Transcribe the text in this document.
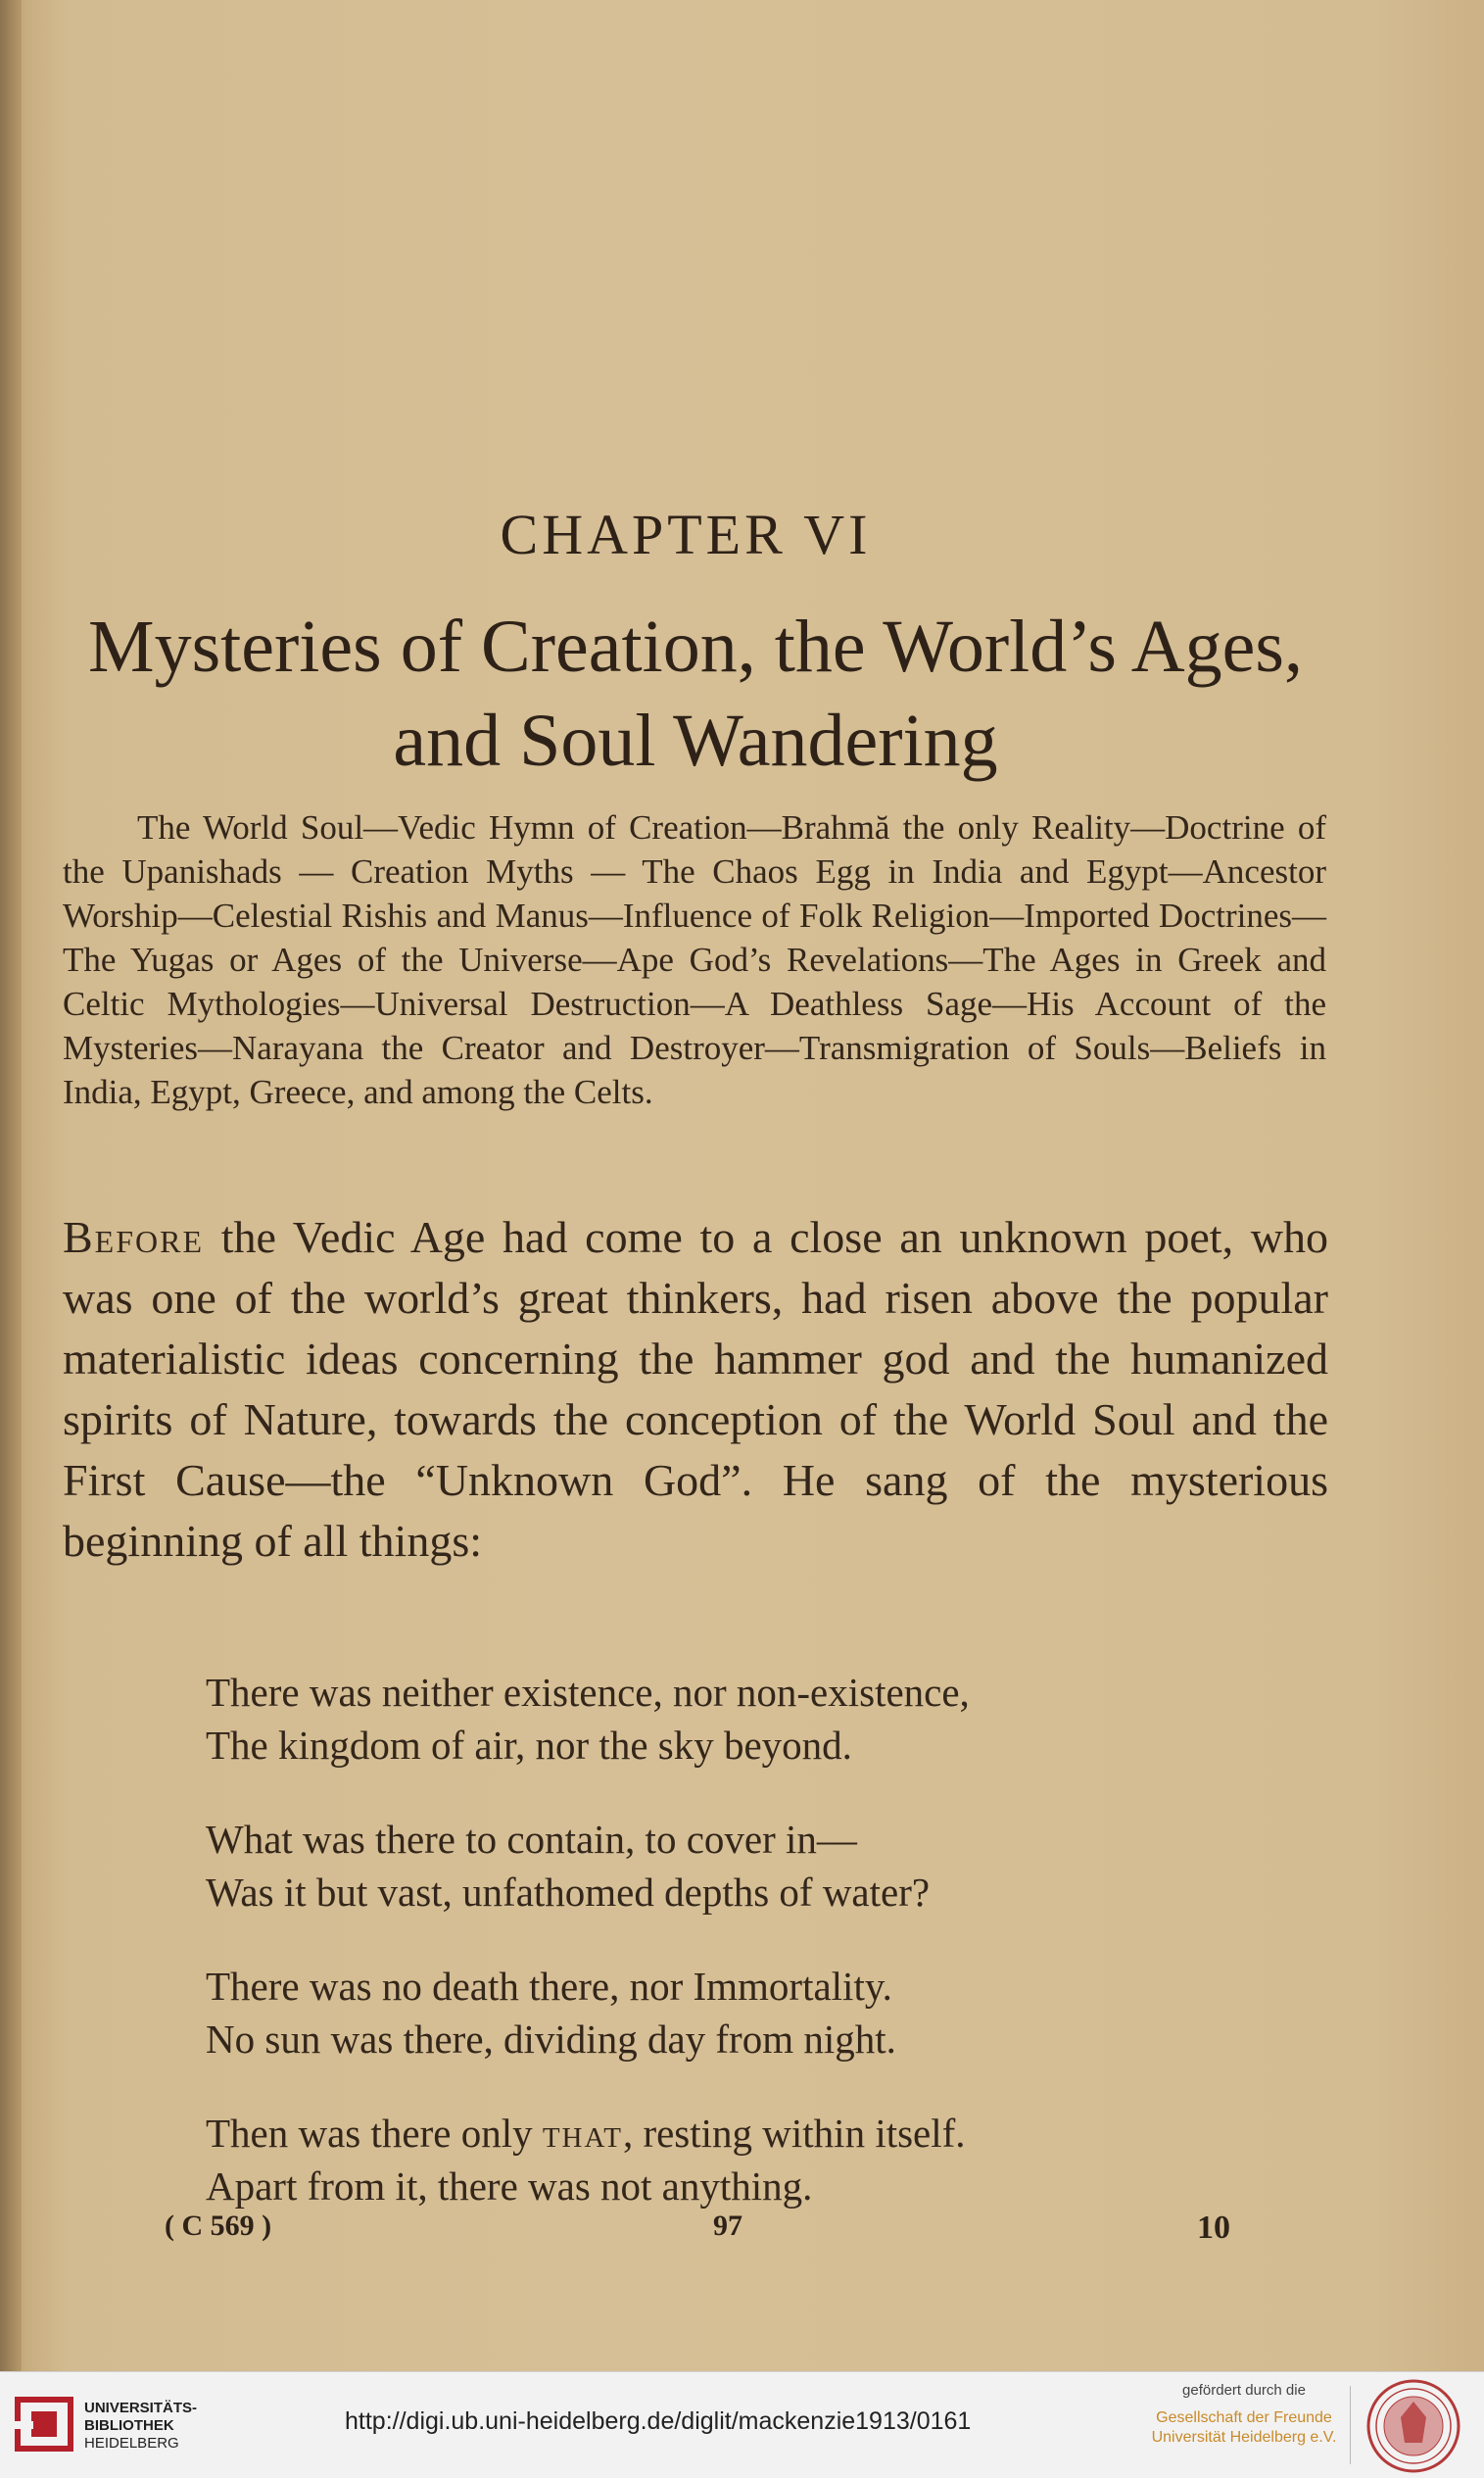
CHAPTER VI
Mysteries of Creation, the World’s Ages,
and Soul Wandering
The World Soul—Vedic Hymn of Creation—Brahmă the only Reality—Doctrine of the Upanishads — Creation Myths — The Chaos Egg in India and Egypt—Ancestor Worship—Celestial Rishis and Manus—Influence of Folk Religion—Imported Doctrines—The Yugas or Ages of the Universe—Ape God’s Revelations—The Ages in Greek and Celtic Mythologies—Universal Destruction—A Deathless Sage—His Account of the Mysteries—Narayana the Creator and Destroyer—Transmigration of Souls—Beliefs in India, Egypt, Greece, and among the Celts.
Before the Vedic Age had come to a close an unknown poet, who was one of the world’s great thinkers, had risen above the popular materialistic ideas concerning the hammer god and the humanized spirits of Nature, towards the conception of the World Soul and the First Cause—the “Unknown God”. He sang of the mysterious beginning of all things:
There was neither existence, nor non-existence,
The kingdom of air, nor the sky beyond.
What was there to contain, to cover in—
Was it but vast, unfathomed depths of water?
There was no death there, nor Immortality.
No sun was there, dividing day from night.
Then was there only that, resting within itself.
Apart from it, there was not anything.
( C 569 )	97	10
UNIVERSITÄTS-
BIBLIOTHEK
HEIDELBERG
http://digi.ub.uni-heidelberg.de/diglit/mackenzie1913/0161
gefördert durch die
Gesellschaft der Freunde
Universität Heidelberg e.V.
